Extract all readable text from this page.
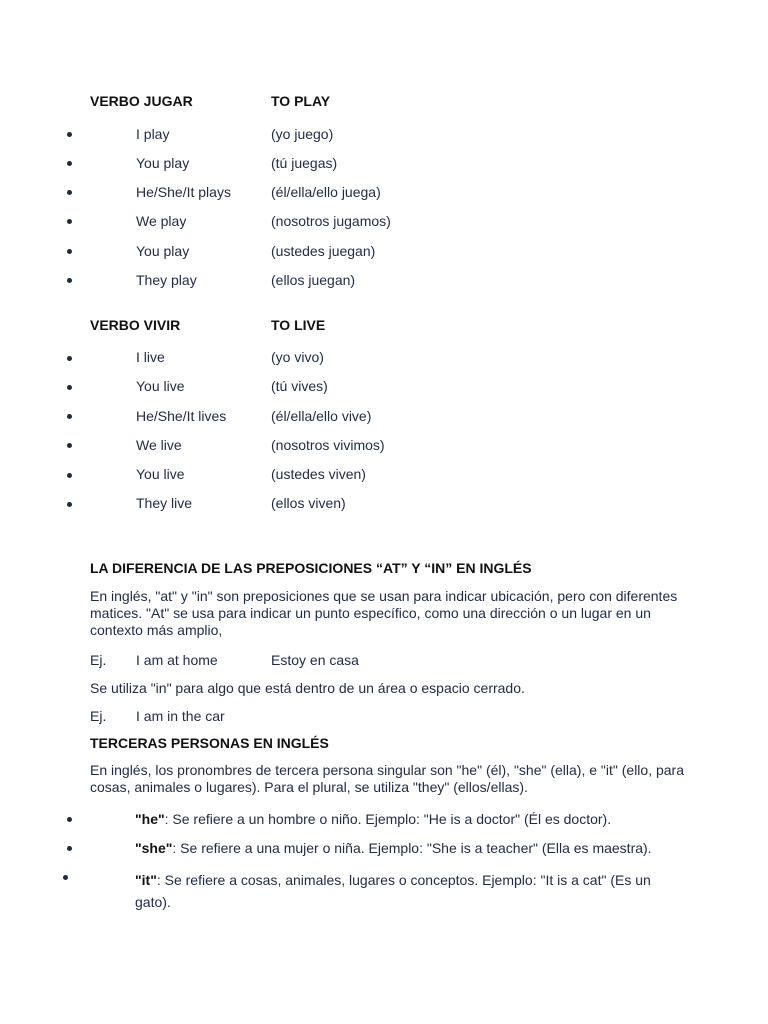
VERBO JUGAR	TO PLAY
I play	(yo juego)
You play	(tú juegas)
He/She/It plays	(él/ella/ello juega)
We play	(nosotros jugamos)
You play	(ustedes juegan)
They play	(ellos juegan)
VERBO VIVIR	TO LIVE
I live	(yo vivo)
You live	(tú vives)
He/She/It lives	(él/ella/ello vive)
We live	(nosotros vivimos)
You live	(ustedes viven)
They live	(ellos viven)
LA DIFERENCIA DE LAS PREPOSICIONES “AT” Y “IN” EN INGLÉS
En inglés, "at" y "in" son preposiciones que se usan para indicar ubicación, pero con diferentes matices. "At" se usa para indicar un punto específico, como una dirección o un lugar en un contexto más amplio,
Ej. I am at home	Estoy en casa
Se utiliza "in" para algo que está dentro de un área o espacio cerrado.
Ej. I am in the car
TERCERAS PERSONAS EN INGLÉS
En inglés, los pronombres de tercera persona singular son "he" (él), "she" (ella), e "it" (ello, para cosas, animales o lugares). Para el plural, se utiliza "they" (ellos/ellas).
"he": Se refiere a un hombre o niño. Ejemplo: "He is a doctor" (Él es doctor).
"she": Se refiere a una mujer o niña. Ejemplo: "She is a teacher" (Ella es maestra).
"it": Se refiere a cosas, animales, lugares o conceptos. Ejemplo: "It is a cat" (Es un gato).
